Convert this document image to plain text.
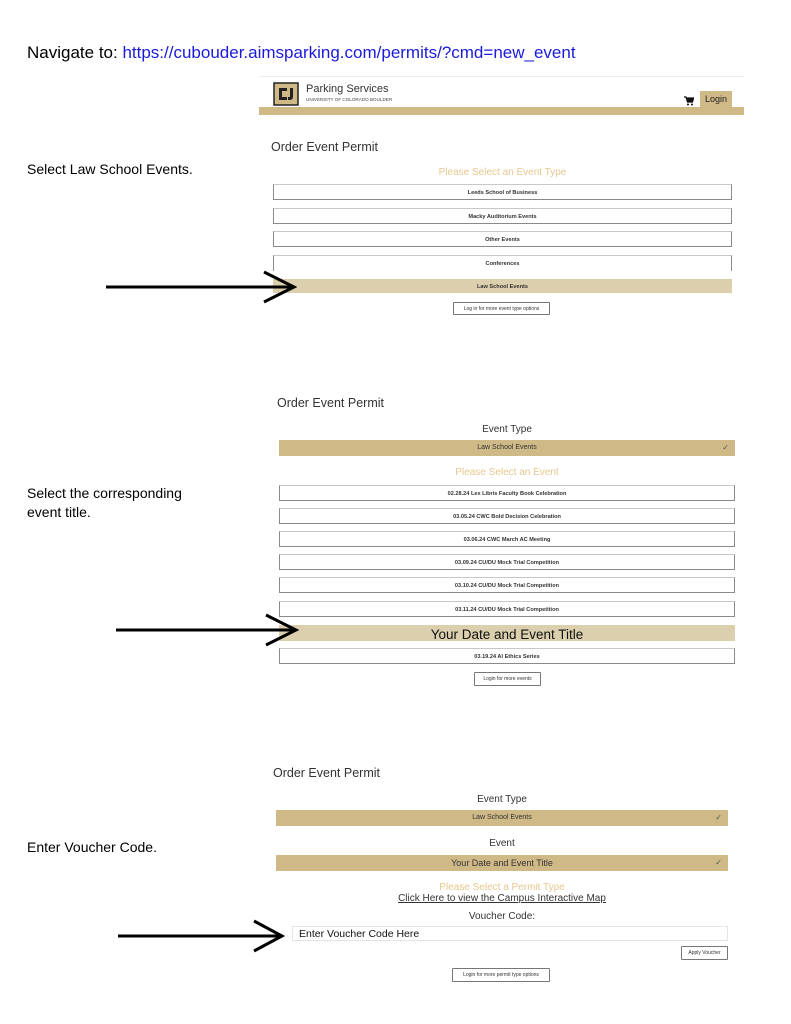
Navigate to: https://cubouder.aimsparking.com/permits/?cmd=new_event
Parking Services
UNIVERSITY OF COLORADO BOULDER	Login
Select Law School Events.
Order Event Permit
Please Select an Event Type
Leeds School of Business
Macky Auditorium Events
Other Events
Conferences
Law School Events
Log in for more event type options
Order Event Permit
Event Type
Law School Events	✓
Please Select an Event
Select the corresponding
event title.
02.28.24 Lex Libris Faculty Book Celebration
03.05.24 CWC Bold Decision Celebration
03.06.24 CWC March AC Meeting
03.09.24 CU/DU Mock Trial Competition
03.10.24 CU/DU Mock Trial Competition
03.11.24 CU/DU Mock Trial Competition
Your Date and Event Title
03.19.24 AI Ethics Series
Login for more events
Order Event Permit
Event Type
Law School Events	✓
Enter Voucher Code.	Event
Your Date and Event Title	✓
Please Select a Permit Type
Click Here to view the Campus Interactive Map
Voucher Code:
Enter Voucher Code Here
Apply Voucher
Login for more permit type options
